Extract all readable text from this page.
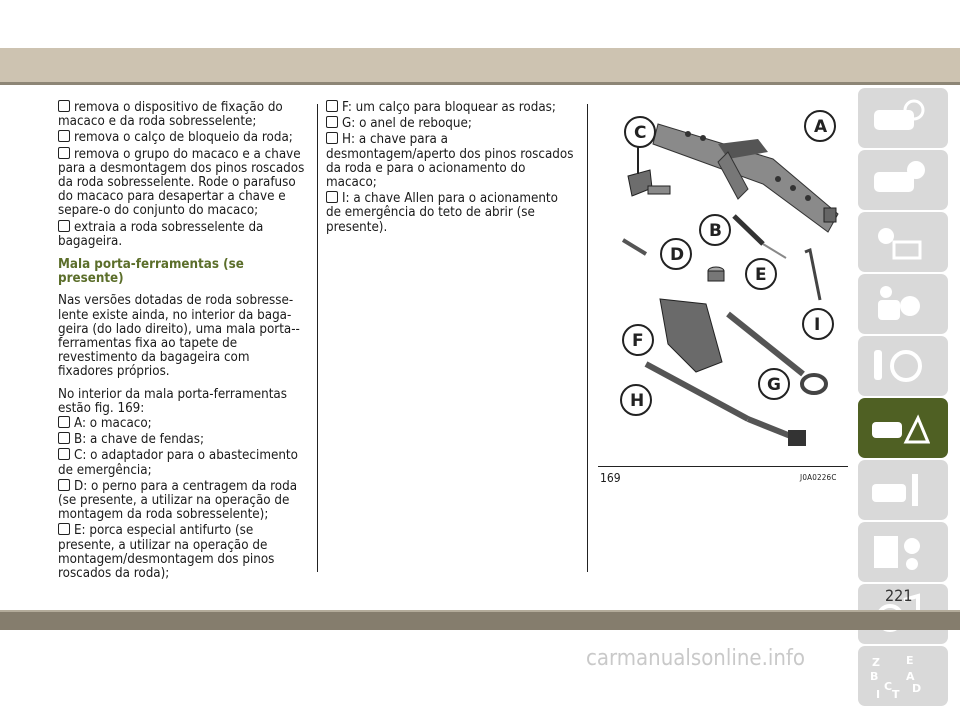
remova o dispositivo de fixação do macaco e da roda sobresselente;
remova o calço de bloqueio da roda;
remova o grupo do macaco e a chave para a desmontagem dos pinos roscados da roda sobresselente. Rode o parafuso do macaco para desapertar a chave e separe-o do conjunto do macaco;
extraia a roda sobresselente da bagageira.
Mala porta-ferramentas (se presente)
Nas versões dotadas de roda sobresse-lente existe ainda, no interior da baga-geira (do lado direito), uma mala porta--ferramentas fixa ao tapete de revestimento da bagageira com fixadores próprios.
No interior da mala porta-ferramentas estão fig. 169:
A: o macaco;
B: a chave de fendas;
C: o adaptador para o abastecimento de emergência;
D: o perno para a centragem da roda (se presente, a utilizar na operação de montagem da roda sobresselente);
E: porca especial antifurto (se presente, a utilizar na operação de montagem/desmontagem dos pinos roscados da roda);
F: um calço para bloquear as rodas;
G: o anel de reboque;
H: a chave para a desmontagem/aperto dos pinos roscados da roda e para o acionamento do macaco;
I: a chave Allen para o acionamento de emergência do teto de abrir (se presente).
C	A
B
D
E
I
F
G
H
169	J0A0226C
Z E
B	A
C D
I T
221
carmanualsonline.info
